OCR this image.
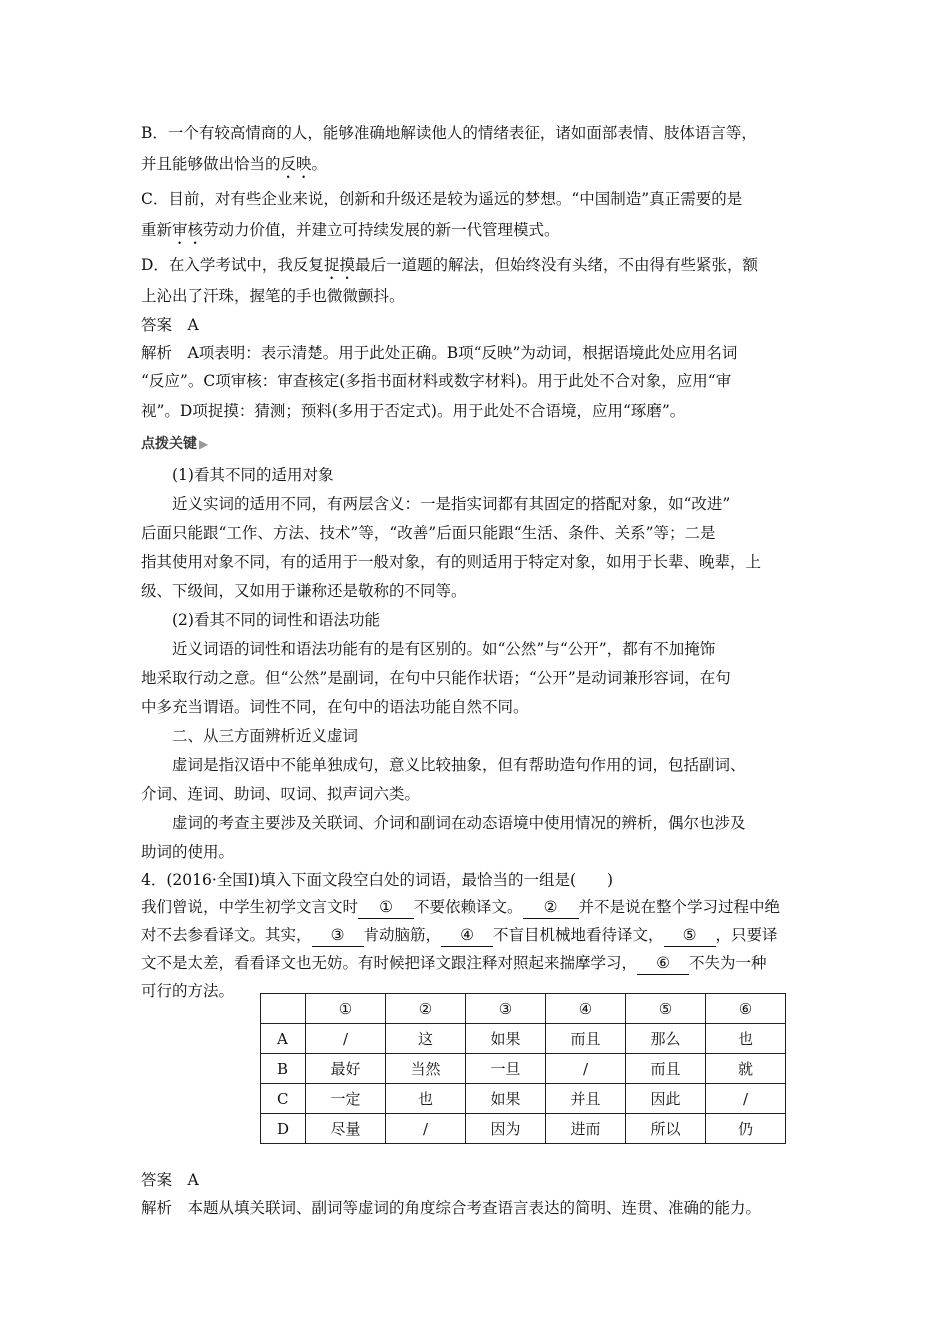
B．一个有较高情商的人，能够准确地解读他人的情绪表征，诸如面部表情、肢体语言等，
并且能够做出恰当的反映。
C．目前，对有些企业来说，创新和升级还是较为遥远的梦想。“中国制造”真正需要的是
重新审核劳动力价值，并建立可持续发展的新一代管理模式。
D．在入学考试中，我反复捉摸最后一道题的解法，但始终没有头绪，不由得有些紧张，额
上沁出了汗珠，握笔的手也微微颤抖。
答案　A
解析　A项表明：表示清楚。用于此处正确。B项“反映”为动词，根据语境此处应用名词
“反应”。C项审核：审查核定(多指书面材料或数字材料)。用于此处不合对象，应用“审
视”。D项捉摸：猜测；预料(多用于否定式)。用于此处不合语境，应用“琢磨”。
点拨关键 ▶
(1)看其不同的适用对象
近义实词的适用不同，有两层含义：一是指实词都有其固定的搭配对象，如“改进”
后面只能跟“工作、方法、技术”等，“改善”后面只能跟“生活、条件、关系”等；二是
指其使用对象不同，有的适用于一般对象，有的则适用于特定对象，如用于长辈、晚辈，上
级、下级间，又如用于谦称还是敬称的不同等。
(2)看其不同的词性和语法功能
近义词语的词性和语法功能有的是有区别的。如“公然”与“公开”，都有不加掩饰
地采取行动之意。但“公然”是副词，在句中只能作状语；“公开”是动词兼形容词，在句
中多充当谓语。词性不同，在句中的语法功能自然不同。
二、从三方面辨析近义虚词
虚词是指汉语中不能单独成句，意义比较抽象，但有帮助造句作用的词，包括副词、
介词、连词、助词、叹词、拟声词六类。
虚词的考查主要涉及关联词、介词和副词在动态语境中使用情况的辨析，偶尔也涉及
助词的使用。
4．(2016·全国Ⅰ)填入下面文段空白处的词语，最恰当的一组是(　　)
我们曾说，中学生初学文言文时 ① 不要依赖译文。 ② 并不是说在整个学习过程中绝
对不去参看译文。其实， ③ 肯动脑筋， ④ 不盲目机械地看待译文， ⑤ ，只要译
文不是太差，看看译文也无妨。有时候把译文跟注释对照起来揣摩学习， ⑥ 不失为一种
可行的方法。
	①	②	③	④	⑤	⑥
A	/	这	如果	而且	那么	也
B	最好	当然	一旦	/	而且	就
C	一定	也	如果	并且	因此	/
D	尽量	/	因为	进而	所以	仍
答案　A
解析　本题从填关联词、副词等虚词的角度综合考查语言表达的简明、连贯、准确的能力。
